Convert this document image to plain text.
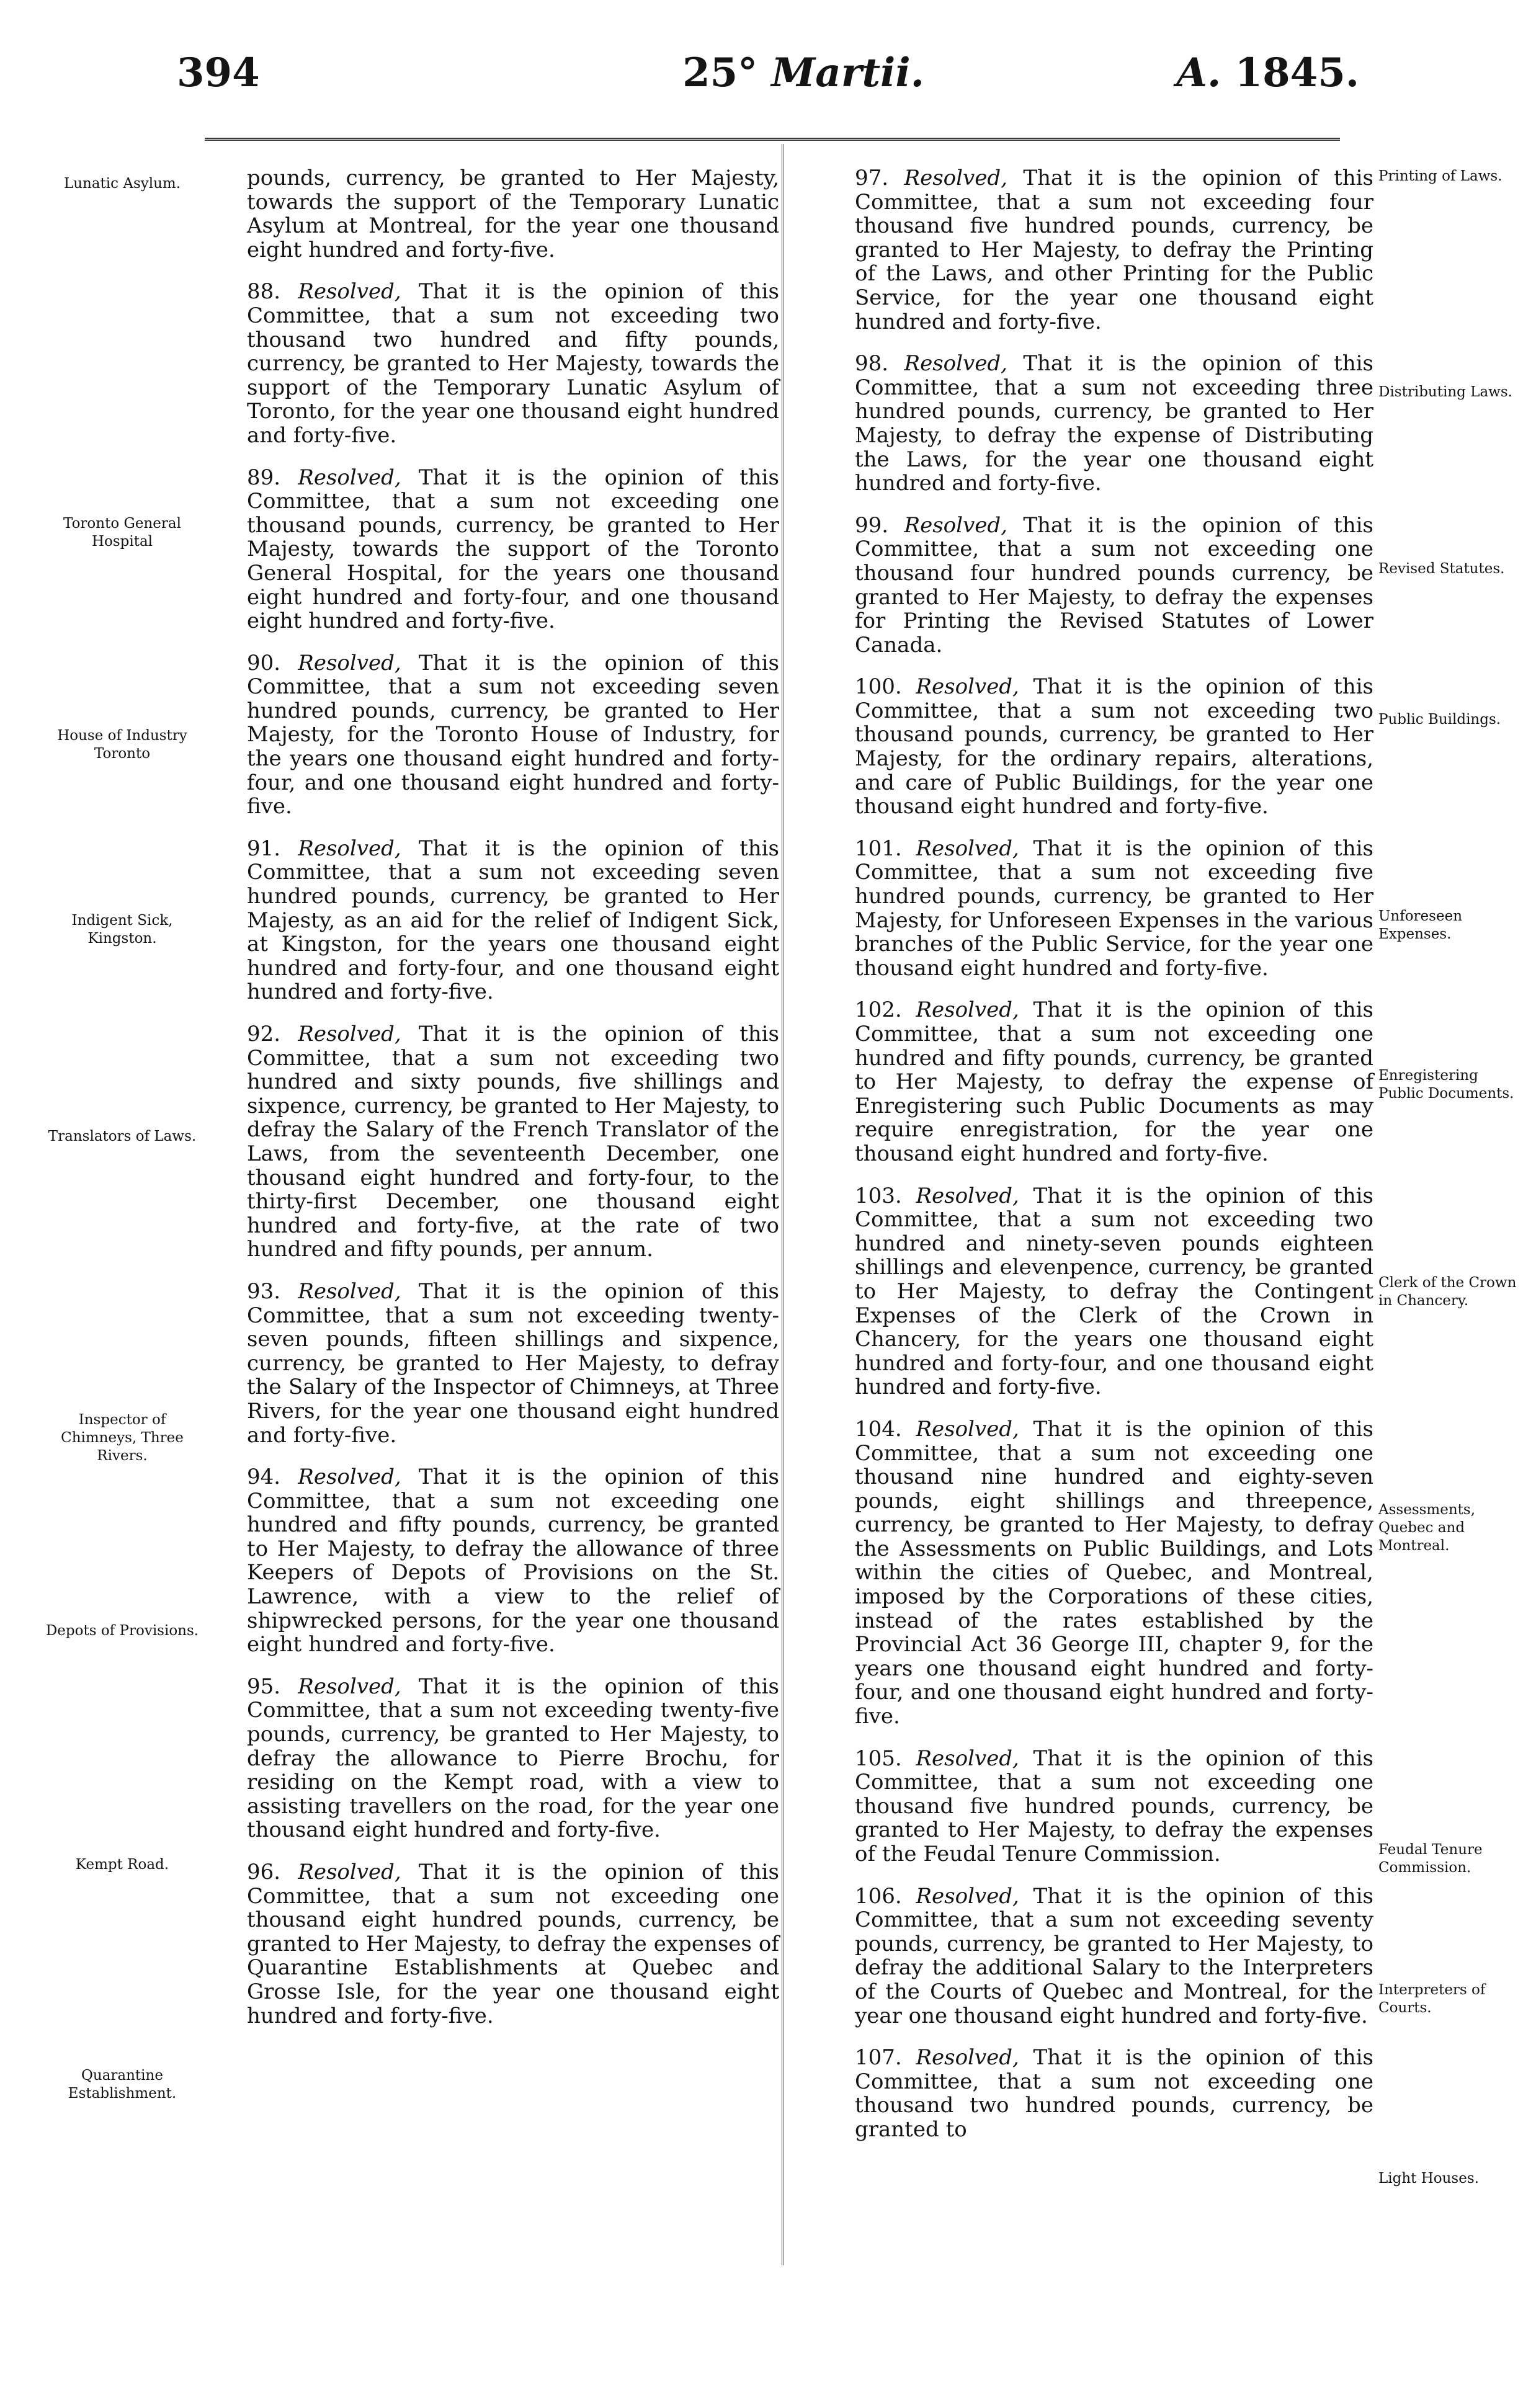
394	25° Martii.	A. 1845.

pounds, currency, be granted to Her Majesty, towards the support of the Temporary Lunatic Asylum at Montreal, for the year one thousand eight hundred and forty-five.

88. Resolved, That it is the opinion of this Committee, that a sum not exceeding two thousand two hundred and fifty pounds, currency, be granted to Her Majesty, towards the support of the Temporary Lunatic Asylum of Toronto, for the year one thousand eight hundred and forty-five.

89. Resolved, That it is the opinion of this Committee, that a sum not exceeding one thousand pounds, currency, be granted to Her Majesty, towards the support of the Toronto General Hospital, for the years one thousand eight hundred and forty-four, and one thousand eight hundred and forty-five.

90. Resolved, That it is the opinion of this Committee, that a sum not exceeding seven hundred pounds, currency, be granted to Her Majesty, for the Toronto House of Industry, for the years one thousand eight hundred and forty-four, and one thousand eight hundred and forty-five.

91. Resolved, That it is the opinion of this Committee, that a sum not exceeding seven hundred pounds, currency, be granted to Her Majesty, as an aid for the relief of Indigent Sick, at Kingston, for the years one thousand eight hundred and forty-four, and one thousand eight hundred and forty-five.

92. Resolved, That it is the opinion of this Committee, that a sum not exceeding two hundred and sixty pounds, five shillings and sixpence, currency, be granted to Her Majesty, to defray the Salary of the French Translator of the Laws, from the seventeenth December, one thousand eight hundred and forty-four, to the thirty-first December, one thousand eight hundred and forty-five, at the rate of two hundred and fifty pounds, per annum.

93. Resolved, That it is the opinion of this Committee, that a sum not exceeding twenty-seven pounds, fifteen shillings and sixpence, currency, be granted to Her Majesty, to defray the Salary of the Inspector of Chimneys, at Three Rivers, for the year one thousand eight hundred and forty-five.

94. Resolved, That it is the opinion of this Committee, that a sum not exceeding one hundred and fifty pounds, currency, be granted to Her Majesty, to defray the allowance of three Keepers of Depots of Provisions on the St. Lawrence, with a view to the relief of shipwrecked persons, for the year one thousand eight hundred and forty-five.

95. Resolved, That it is the opinion of this Committee, that a sum not exceeding twenty-five pounds, currency, be granted to Her Majesty, to defray the allowance to Pierre Brochu, for residing on the Kempt road, with a view to assisting travellers on the road, for the year one thousand eight hundred and forty-five.

96. Resolved, That it is the opinion of this Committee, that a sum not exceeding one thousand eight hundred pounds, currency, be granted to Her Majesty, to defray the expenses of Quarantine Establishments at Quebec and Grosse Isle, for the year one thousand eight hundred and forty-five.

97. Resolved, That it is the opinion of this Committee, that a sum not exceeding four thousand five hundred pounds, currency, be granted to Her Majesty, to defray the Printing of the Laws, and other Printing for the Public Service, for the year one thousand eight hundred and forty-five.

98. Resolved, That it is the opinion of this Committee, that a sum not exceeding three hundred pounds, currency, be granted to Her Majesty, to defray the expense of Distributing the Laws, for the year one thousand eight hundred and forty-five.

99. Resolved, That it is the opinion of this Committee, that a sum not exceeding one thousand four hundred pounds currency, be granted to Her Majesty, to defray the expenses for Printing the Revised Statutes of Lower Canada.

100. Resolved, That it is the opinion of this Committee, that a sum not exceeding two thousand pounds, currency, be granted to Her Majesty, for the ordinary repairs, alterations, and care of Public Buildings, for the year one thousand eight hundred and forty-five.

101. Resolved, That it is the opinion of this Committee, that a sum not exceeding five hundred pounds, currency, be granted to Her Majesty, for Unforeseen Expenses in the various branches of the Public Service, for the year one thousand eight hundred and forty-five.

102. Resolved, That it is the opinion of this Committee, that a sum not exceeding one hundred and fifty pounds, currency, be granted to Her Majesty, to defray the expense of Enregistering such Public Documents as may require enregistration, for the year one thousand eight hundred and forty-five.

103. Resolved, That it is the opinion of this Committee, that a sum not exceeding two hundred and ninety-seven pounds eighteen shillings and elevenpence, currency, be granted to Her Majesty, to defray the Contingent Expenses of the Clerk of the Crown in Chancery, for the years one thousand eight hundred and forty-four, and one thousand eight hundred and forty-five.

104. Resolved, That it is the opinion of this Committee, that a sum not exceeding one thousand nine hundred and eighty-seven pounds, eight shillings and threepence, currency, be granted to Her Majesty, to defray the Assessments on Public Buildings, and Lots within the cities of Quebec, and Montreal, imposed by the Corporations of these cities, instead of the rates established by the Provincial Act 36 George III, chapter 9, for the years one thousand eight hundred and forty-four, and one thousand eight hundred and forty-five.

105. Resolved, That it is the opinion of this Committee, that a sum not exceeding one thousand five hundred pounds, currency, be granted to Her Majesty, to defray the expenses of the Feudal Tenure Commission.

106. Resolved, That it is the opinion of this Committee, that a sum not exceeding seventy pounds, currency, be granted to Her Majesty, to defray the additional Salary to the Interpreters of the Courts of Quebec and Montreal, for the year one thousand eight hundred and forty-five.

107. Resolved, That it is the opinion of this Committee, that a sum not exceeding one thousand two hundred pounds, currency, be granted to

Lunatic Asylum.
Toronto General Hospital
House of Industry Toronto
Indigent Sick, Kingston.
Translators of Laws.
Inspector of Chimneys, Three Rivers.
Depots of Provisions.
Kempt Road.
Quarantine Establishment.
Printing of Laws.
Distributing Laws.
Revised Statutes.
Public Buildings.
Unforeseen Expenses.
Enregistering Public Documents.
Clerk of the Crown in Chancery.
Assessments, Quebec and Montreal.
Feudal Tenure Commission.
Interpreters of Courts.
Light Houses.
